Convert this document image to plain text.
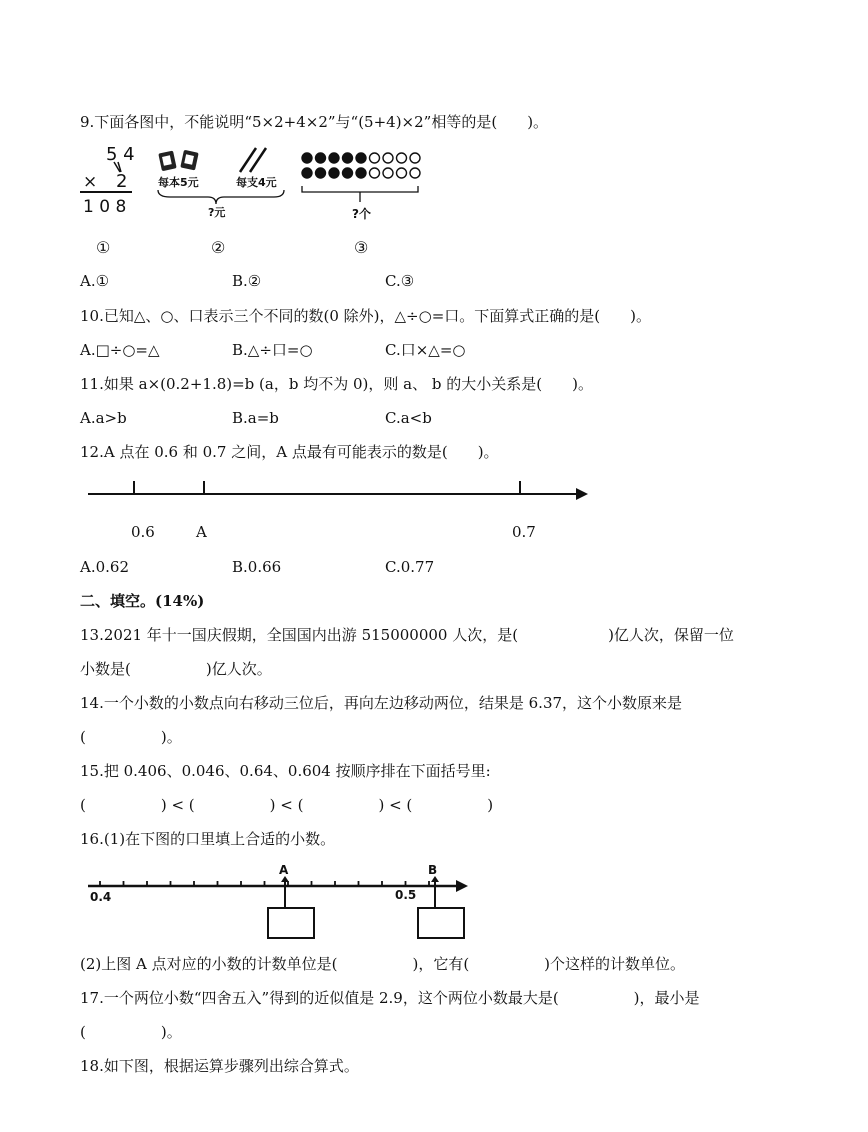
9.下面各图中，不能说明“5×2+4×2”与“(5+4)×2”相等的是(　　)。
5 4
× 2
1 0 8
每本5元	每支4元
?元	?个
①	②	③
A.①	B.②	C.③
10.已知△、○、口表示三个不同的数(0 除外)，△÷○=口。下面算式正确的是(　　)。
A.□÷○=△	B.△÷口=○	C.口×△=○
11.如果 a×(0.2+1.8)=b (a，b 均不为 0)，则 a、 b 的大小关系是(　　)。
A.a>b	B.a=b	C.a<b
12.A 点在 0.6 和 0.7 之间，A 点最有可能表示的数是(　　)。
0.6	A	0.7
A.0.62	B.0.66	C.0.77
二、填空。(14%)
13.2021 年十一国庆假期，全国国内出游 515000000 人次，是(　　　　　　)亿人次，保留一位
小数是(　　　　　)亿人次。
14.一个小数的小数点向右移动三位后，再向左边移动两位，结果是 6.37，这个小数原来是
(　　　　　)。
15.把 0.406、0.046、0.64、0.604 按顺序排在下面括号里:
(　　　　　) < (　　　　　) < (　　　　　) < (　　　　　)
16.(1)在下图的口里填上合适的小数。
0.4	0.5
A	B
(2)上图 A 点对应的小数的计数单位是(　　　　　)，它有(　　　　　)个这样的计数单位。
17.一个两位小数“四舍五入”得到的近似值是 2.9，这个两位小数最大是(　　　　　)，最小是
(　　　　　)。
18.如下图，根据运算步骤列出综合算式。
